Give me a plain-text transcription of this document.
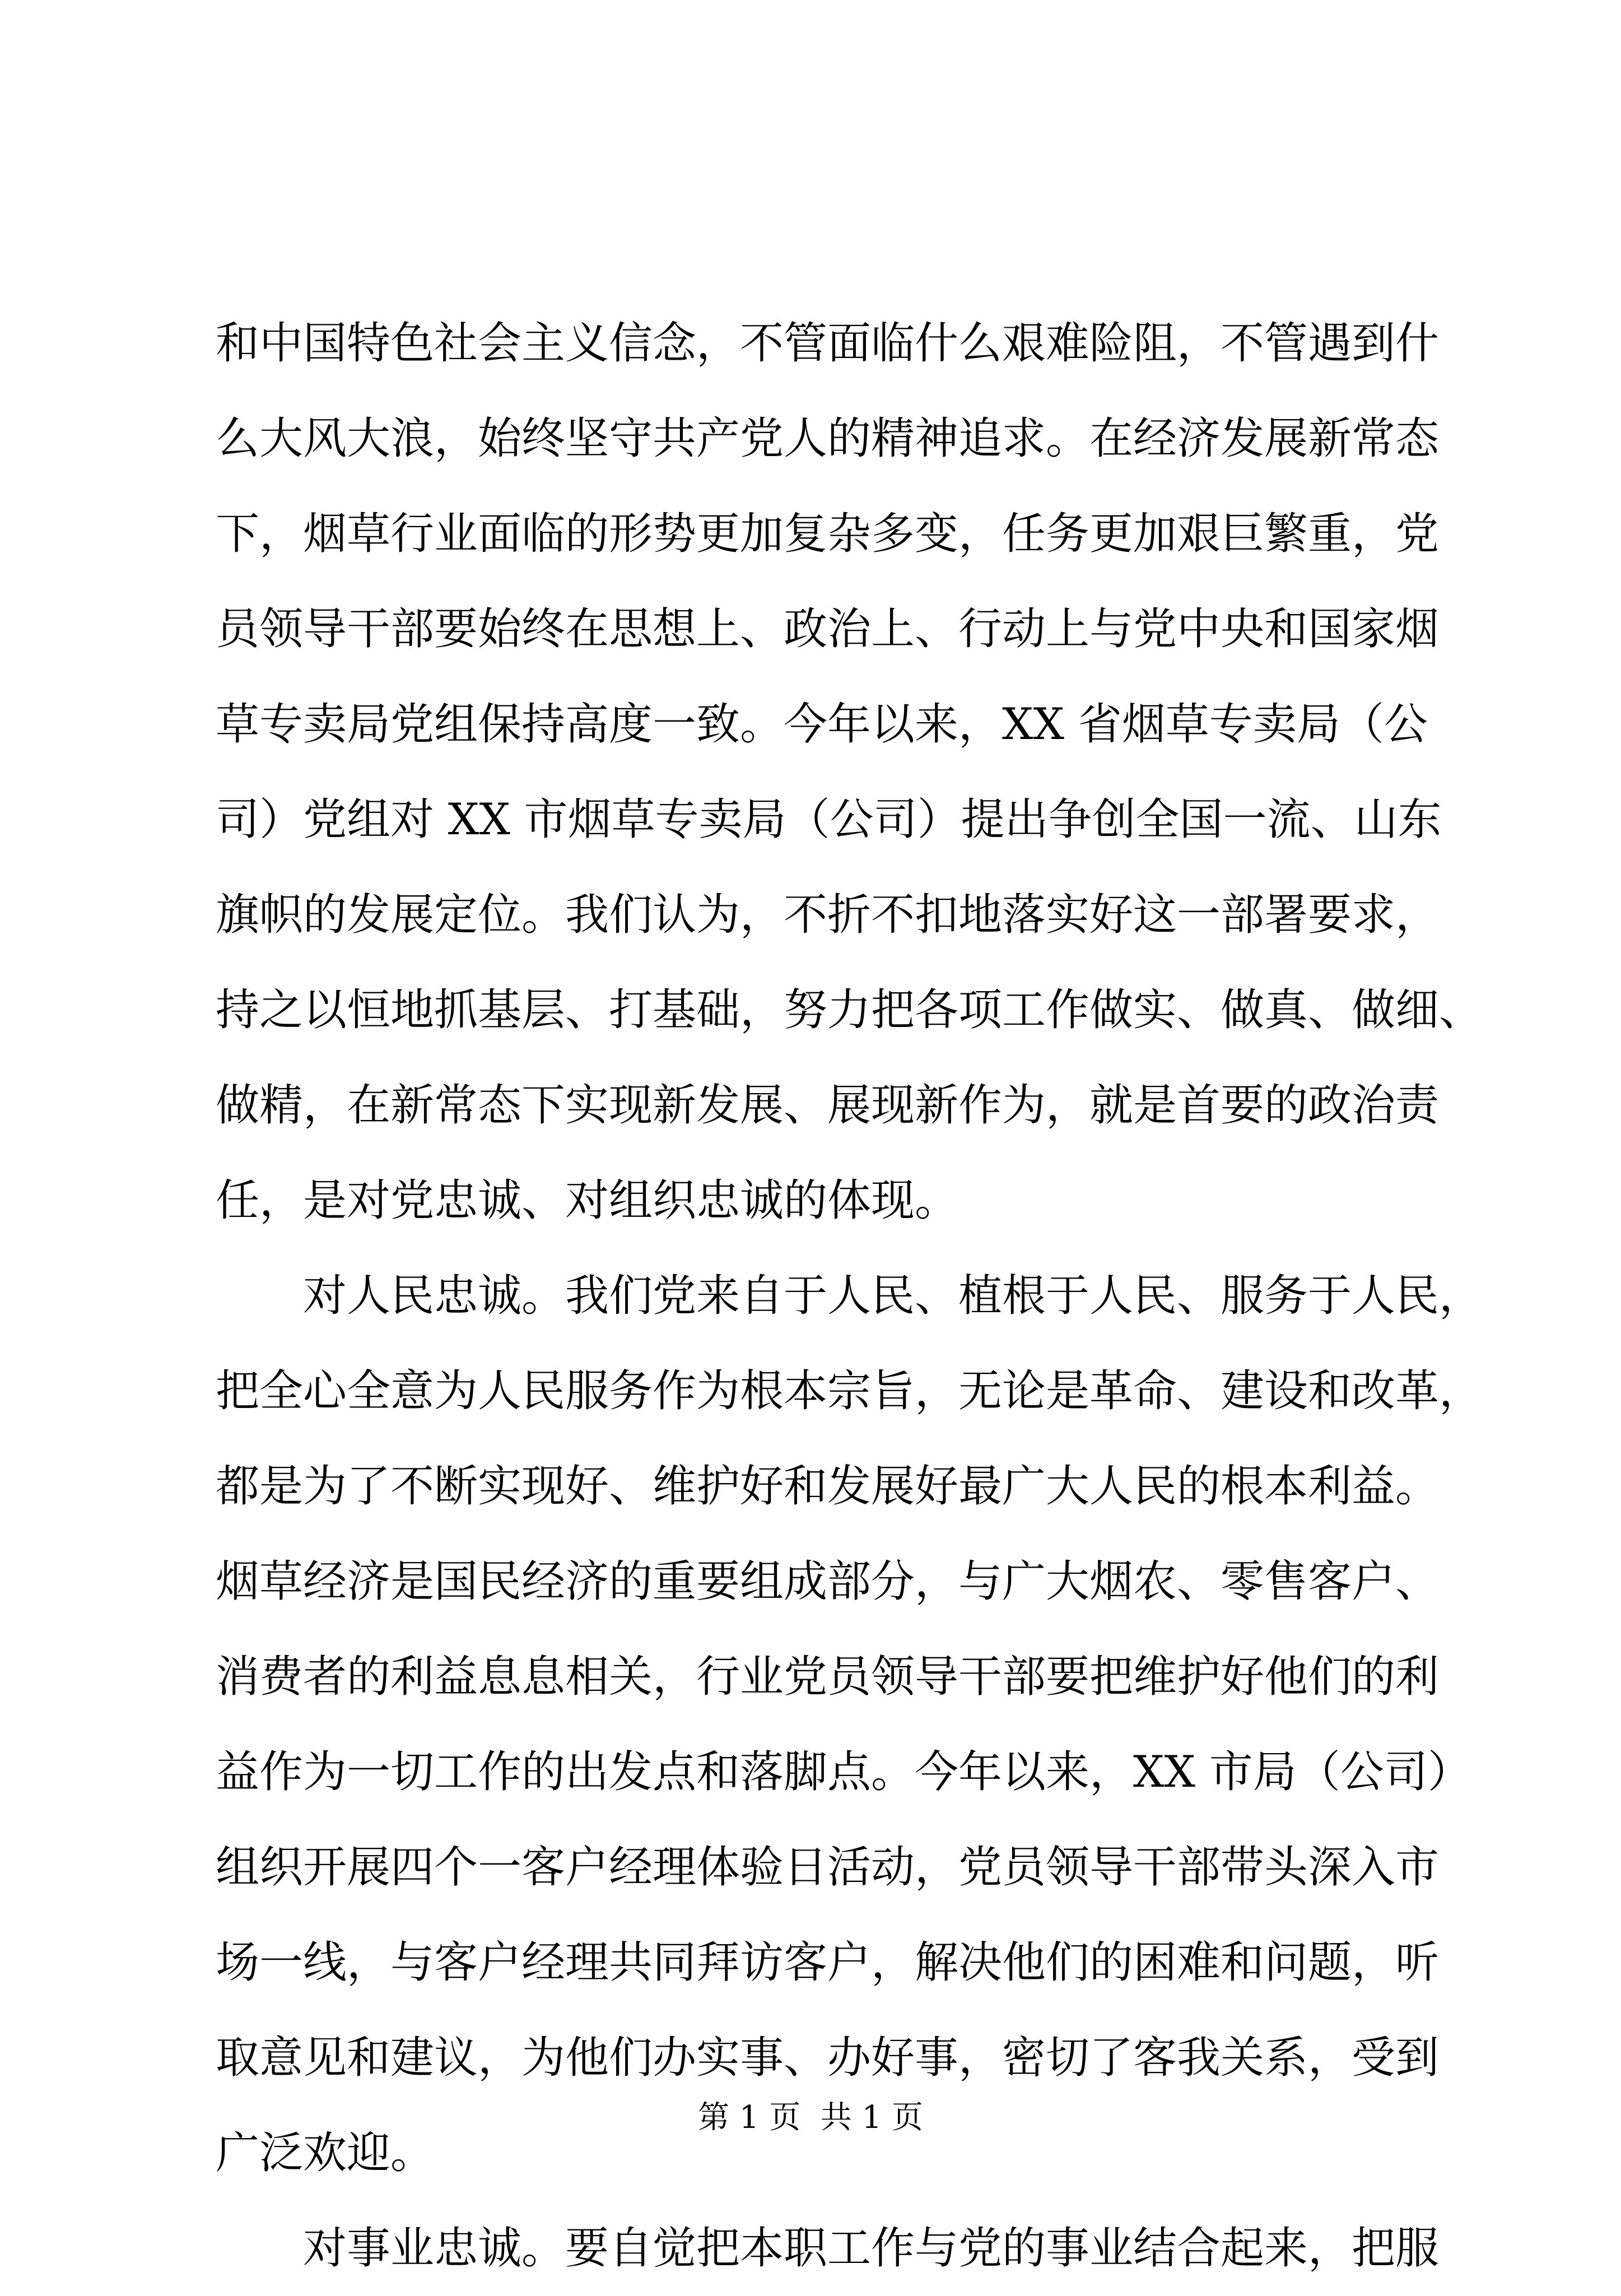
和中国特色社会主义信念，不管面临什么艰难险阻，不管遇到什
么大风大浪，始终坚守共产党人的精神追求。在经济发展新常态
下，烟草行业面临的形势更加复杂多变，任务更加艰巨繁重，党
员领导干部要始终在思想上、政治上、行动上与党中央和国家烟
草专卖局党组保持高度一致。今年以来，XX 省烟草专卖局（公
司）党组对 XX 市烟草专卖局（公司）提出争创全国一流、山东
旗帜的发展定位。我们认为，不折不扣地落实好这一部署要求，
持之以恒地抓基层、打基础，努力把各项工作做实、做真、做细、
做精，在新常态下实现新发展、展现新作为，就是首要的政治责
任，是对党忠诚、对组织忠诚的体现。
　　对人民忠诚。我们党来自于人民、植根于人民、服务于人民，
把全心全意为人民服务作为根本宗旨，无论是革命、建设和改革，
都是为了不断实现好、维护好和发展好最广大人民的根本利益。
烟草经济是国民经济的重要组成部分，与广大烟农、零售客户、
消费者的利益息息相关，行业党员领导干部要把维护好他们的利
益作为一切工作的出发点和落脚点。今年以来，XX 市局（公司）
组织开展四个一客户经理体验日活动，党员领导干部带头深入市
场一线，与客户经理共同拜访客户，解决他们的困难和问题，听
取意见和建议，为他们办实事、办好事，密切了客我关系，受到
广泛欢迎。
　　对事业忠诚。要自觉把本职工作与党的事业结合起来，把服
第 1 页  共 1 页
